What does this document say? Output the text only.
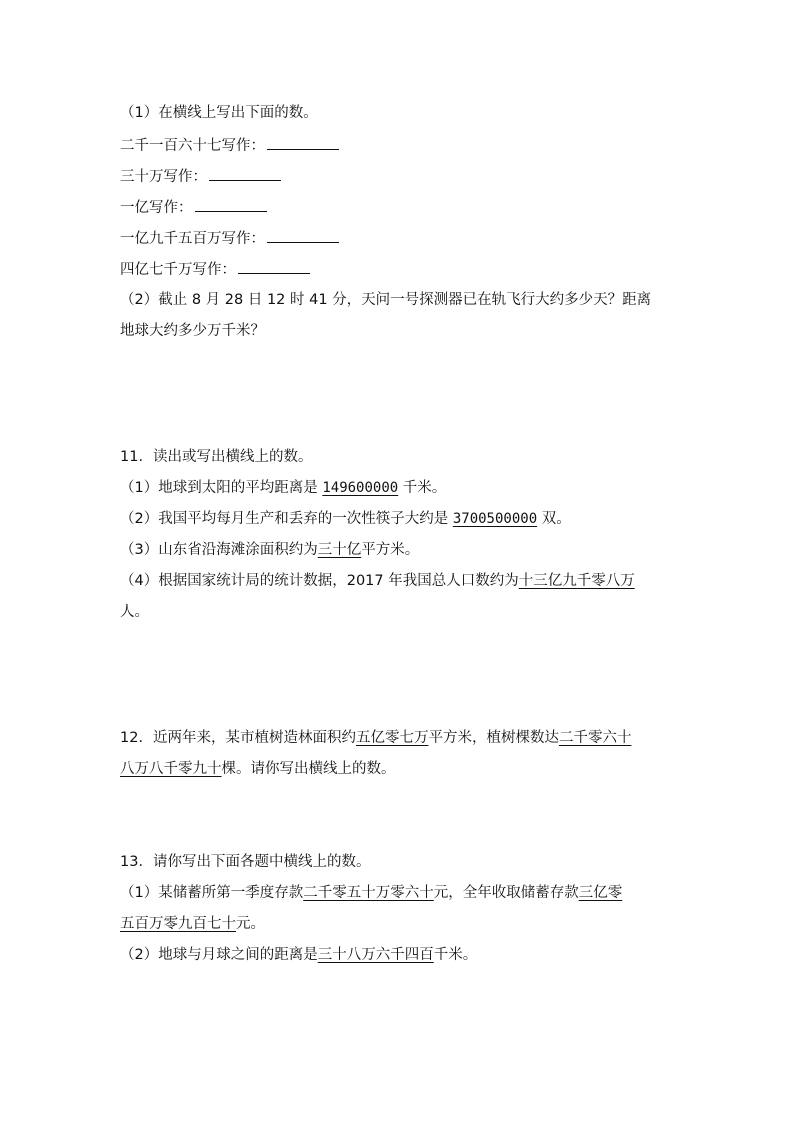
（1）在横线上写出下面的数。
二千一百六十七写作：
三十万写作：
一亿写作：
一亿九千五百万写作：
四亿七千万写作：
（2）截止 8 月 28 日 12 时 41 分，天问一号探测器已在轨飞行大约多少天？距离
地球大约多少万千米？
11．读出或写出横线上的数。
（1）地球到太阳的平均距离是 149600000 千米。
（2）我国平均每月生产和丢弃的一次性筷子大约是 3700500000 双。
（3）山东省沿海滩涂面积约为三十亿平方米。
（4）根据国家统计局的统计数据，2017 年我国总人口数约为十三亿九千零八万
人。
12．近两年来，某市植树造林面积约五亿零七万平方米，植树棵数达二千零六十
八万八千零九十棵。请你写出横线上的数。
13．请你写出下面各题中横线上的数。
（1）某储蓄所第一季度存款二千零五十万零六十元，全年收取储蓄存款三亿零
五百万零九百七十元。
（2）地球与月球之间的距离是三十八万六千四百千米。
